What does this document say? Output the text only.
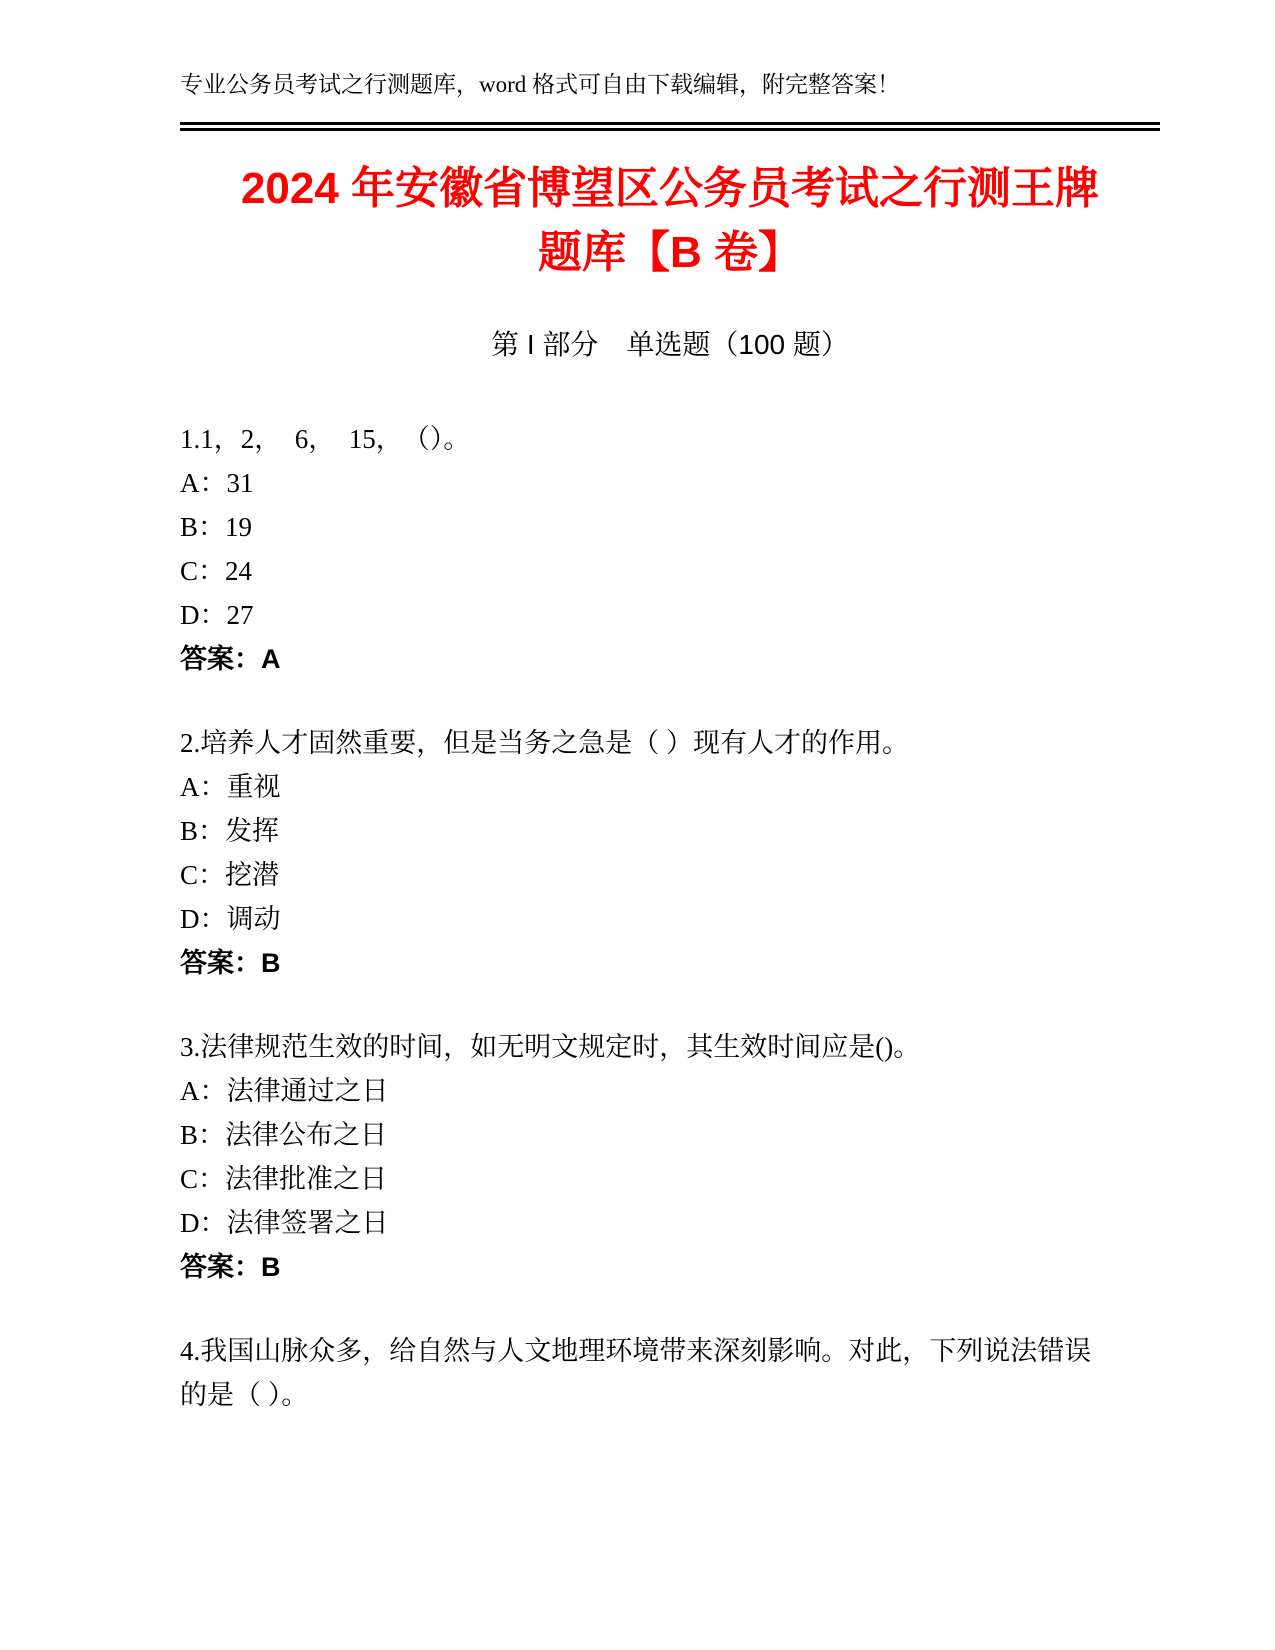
专业公务员考试之行测题库，word 格式可自由下载编辑，附完整答案！
2024 年安徽省博望区公务员考试之行测王牌
题库【B 卷】
第 I 部分　单选题（100 题）
1.1，2，　6，　15，　（）。
A：31
B：19
C：24
D：27
答案：A
2.培养人才固然重要，但是当务之急是（ ）现有人才的作用。
A：重视
B：发挥
C：挖潜
D：调动
答案：B
3.法律规范生效的时间，如无明文规定时，其生效时间应是()。
A：法律通过之日
B：法律公布之日
C：法律批准之日
D：法律签署之日
答案：B
4.我国山脉众多，给自然与人文地理环境带来深刻影响。对此，下列说法错误的是（ ）。
